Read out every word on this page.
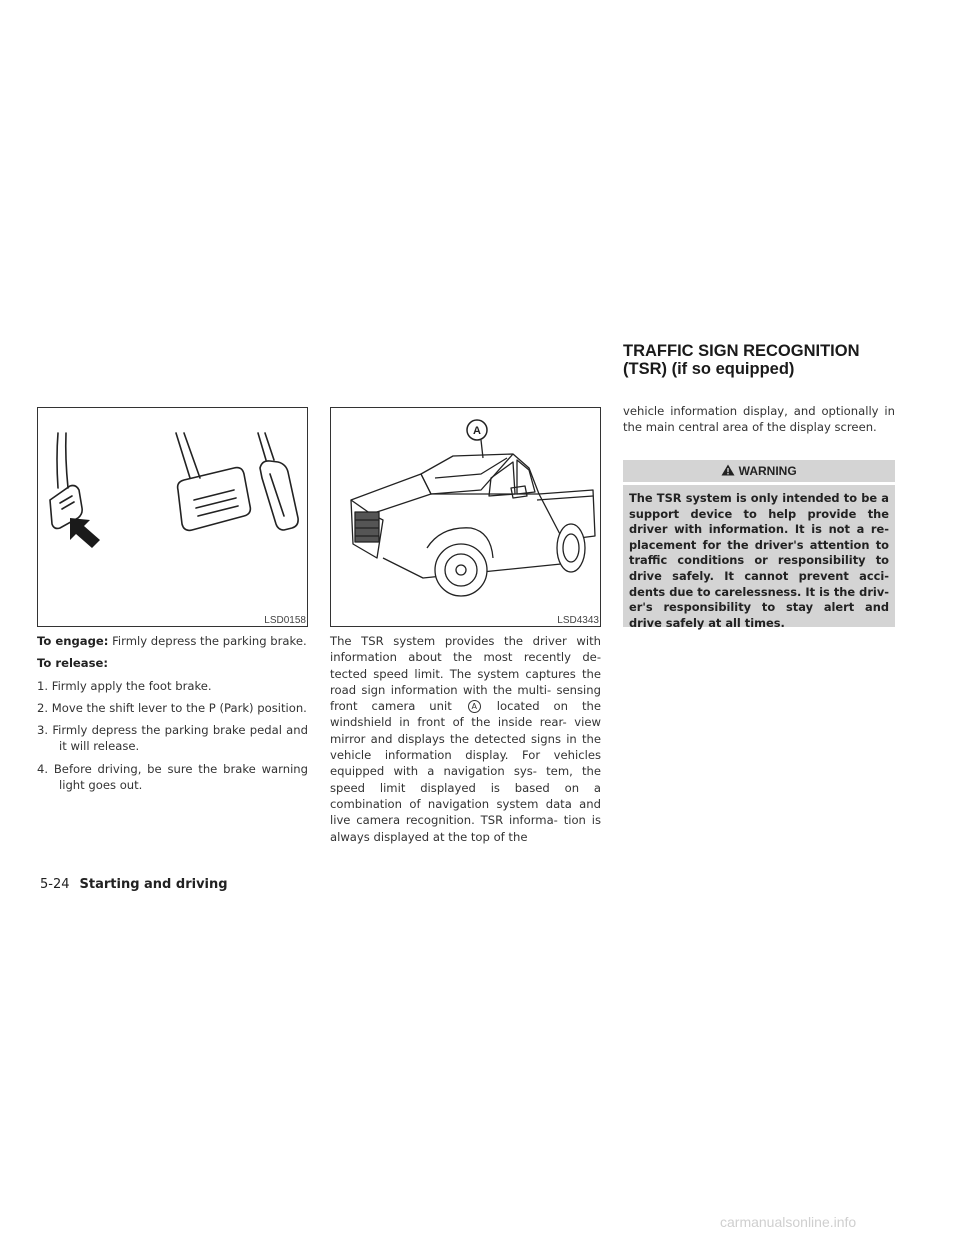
TRAFFIC SIGN RECOGNITION (TSR) (if so equipped)
LSD0158
A
LSD4343

To engage: Firmly depress the parking brake.

To release:

1. Firmly apply the foot brake.

2. Move the shift lever to the P (Park) position.

3. Firmly depress the parking brake pedal and it will release.

4. Before driving, be sure the brake warning light goes out.

The TSR system provides the driver with information about the most recently de- tected speed limit. The system captures the road sign information with the multi- sensing front camera unit A located on the windshield in front of the inside rear- view mirror and displays the detected signs in the vehicle information display. For vehicles equipped with a navigation sys- tem, the speed limit displayed is based on a combination of navigation system data and live camera recognition. TSR informa- tion is always displayed at the top of the

vehicle information display, and optionally in the main central area of the display screen.

WARNING
The TSR system is only intended to be a support device to help provide the driver with information. It is not a re- placement for the driver's attention to traffic conditions or responsibility to drive safely. It cannot prevent acci- dents due to carelessness. It is the driv- er's responsibility to stay alert and drive safely at all times.
5-24 Starting and driving
carmanualsonline.info
